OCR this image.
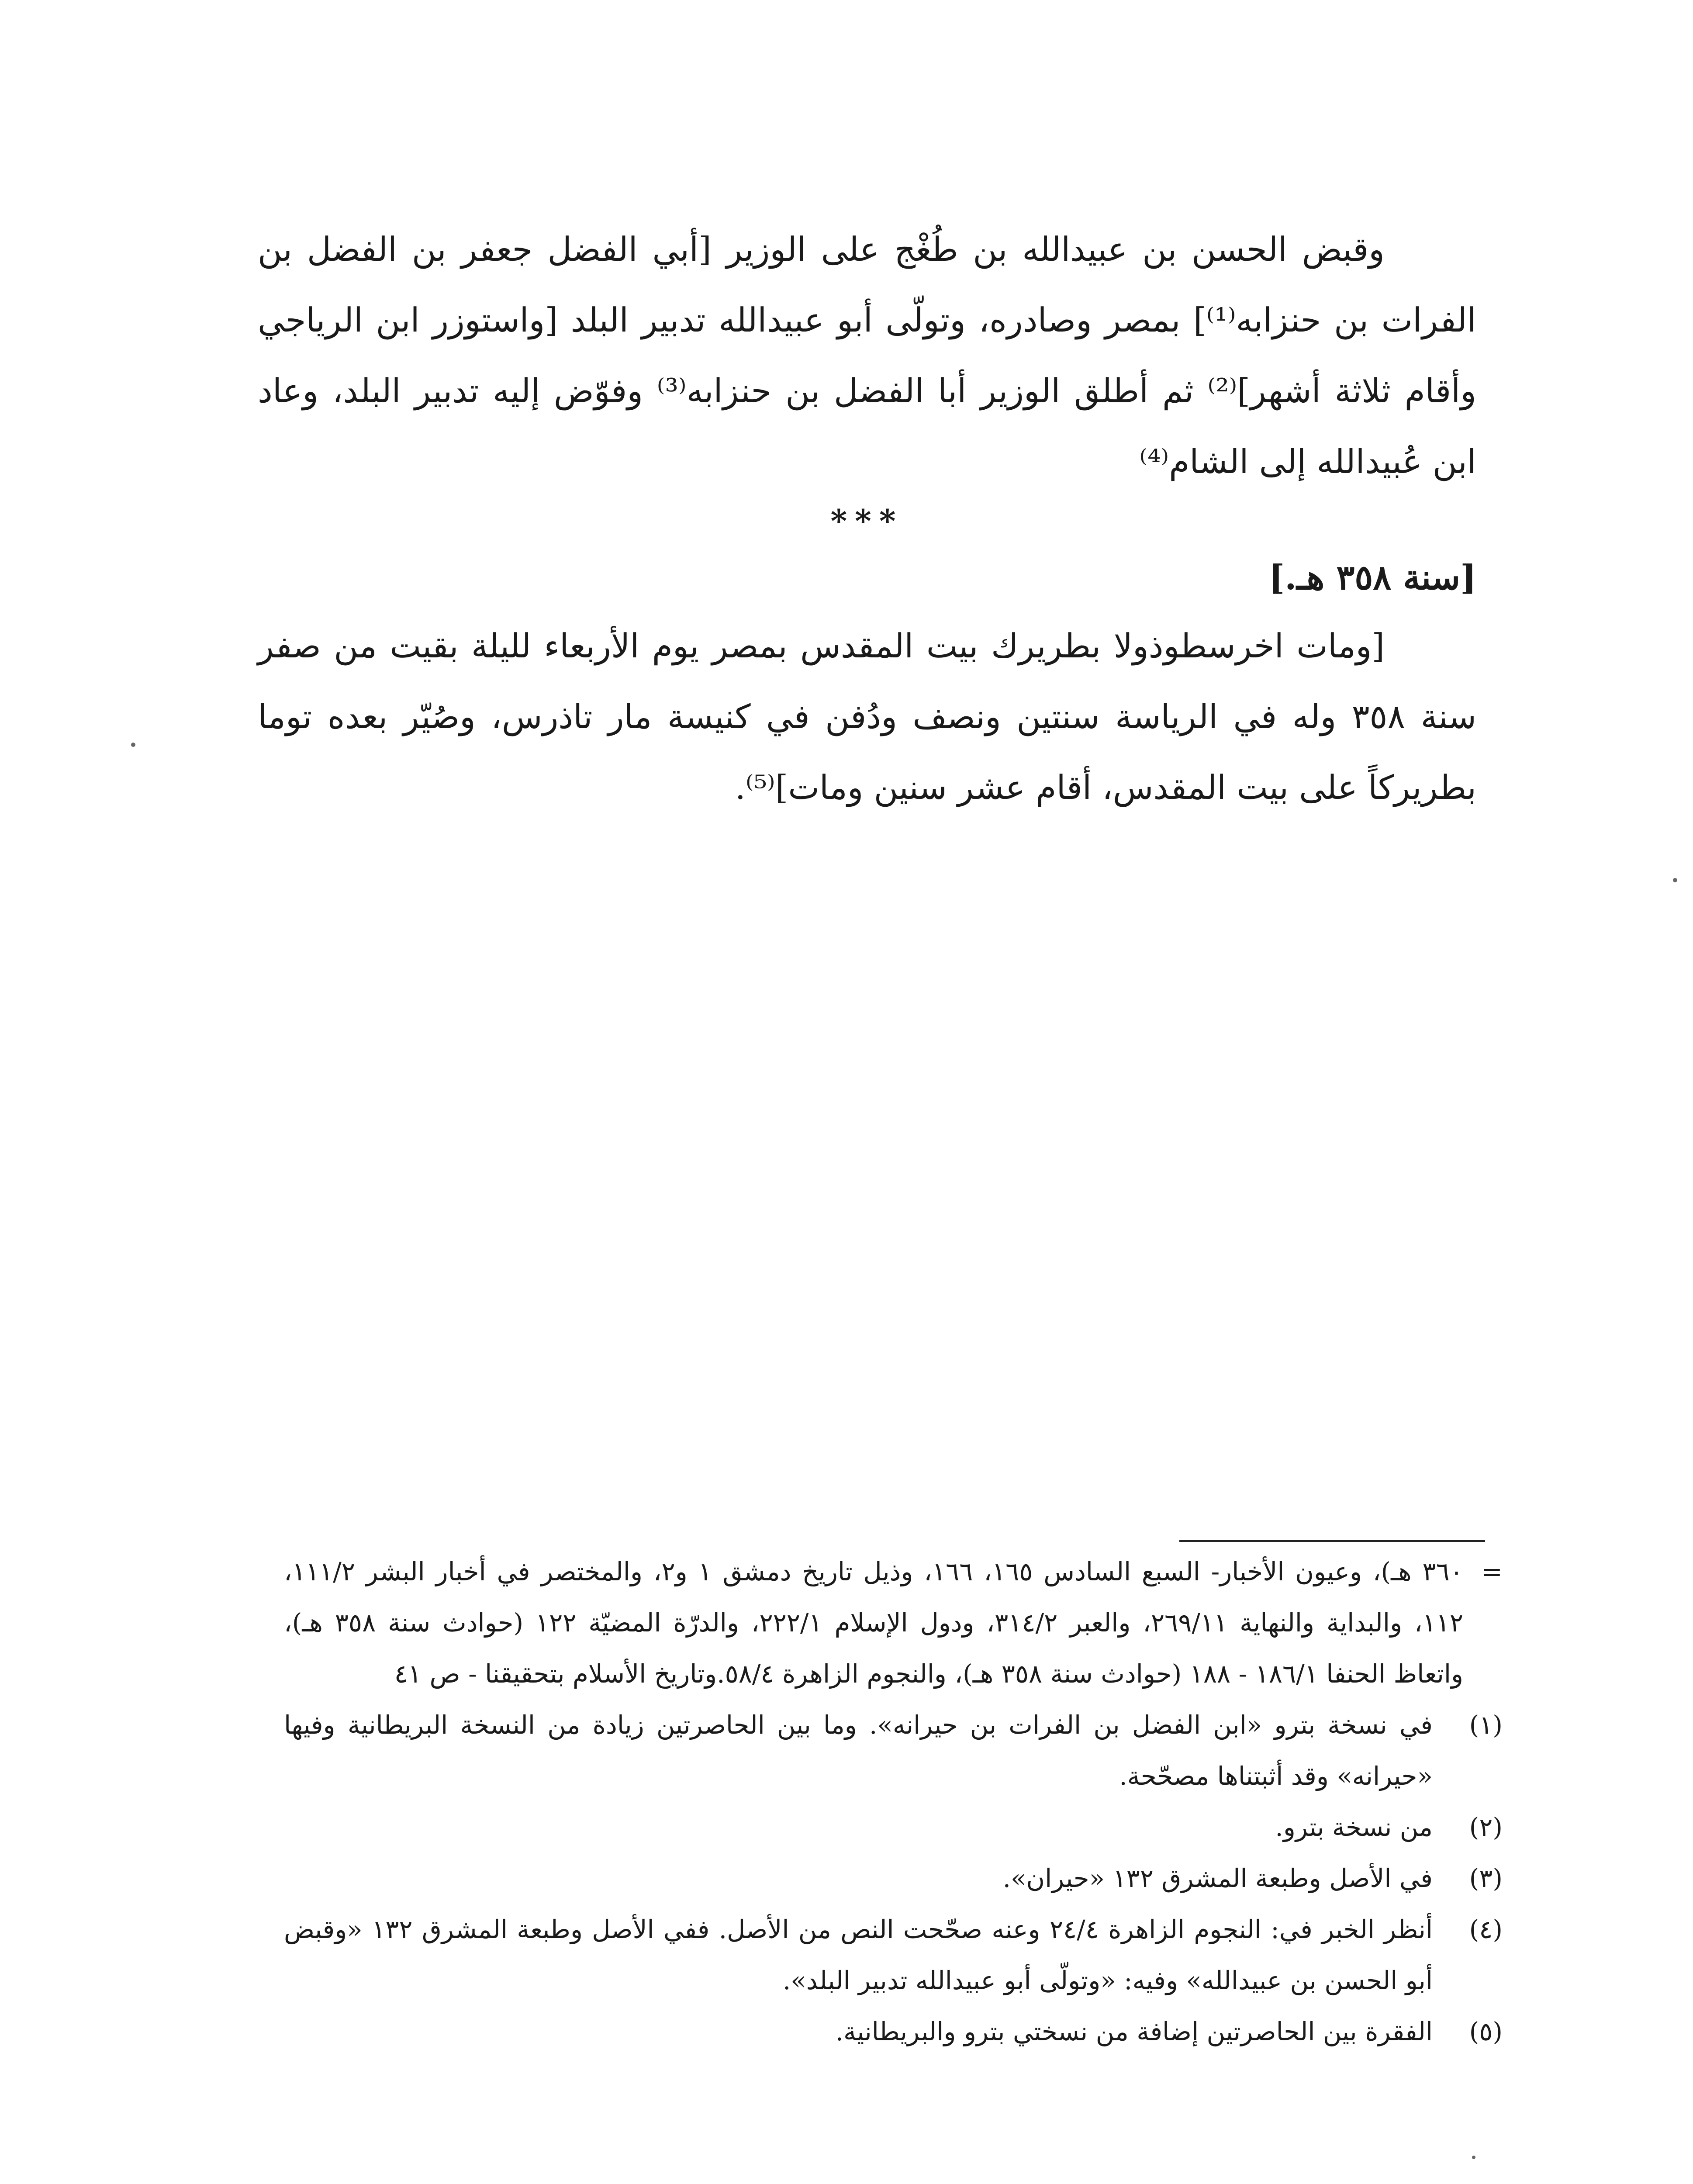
وقبض الحسن بن عبيدالله بن طُغْج على الوزير [أبي الفضل جعفر بن الفضل بن الفرات بن حنزابه⁽¹⁾] بمصر وصادره، وتولّى أبو عبيدالله تدبير البلد [واستوزر ابن الرياجي وأقام ثلاثة أشهر]⁽²⁾ ثم أطلق الوزير أبا الفضل بن حنزابه⁽³⁾ وفوّض إليه تدبير البلد، وعاد ابن عُبيدالله إلى الشام⁽⁴⁾

***

[سنة ٣٥٨ هـ.]

[ومات اخرسطوذولا بطريرك بيت المقدس بمصر يوم الأربعاء لليلة بقيت من صفر سنة ٣٥٨ وله في الرياسة سنتين ونصف ودُفن في كنيسة مار تاذرس، وصُيّر بعده توما بطريركاً على بيت المقدس، أقام عشر سنين ومات]⁽⁵⁾.

=
٣٦٠ هـ)، وعيون الأخبار- السبع السادس ١٦٥، ١٦٦، وذيل تاريخ دمشق ١ و٢، والمختصر في أخبار البشر ١١١/٢، ١١٢، والبداية والنهاية ٢٦٩/١١، والعبر ٣١٤/٢، ودول الإسلام ٢٢٢/١، والدرّة المضيّة ١٢٢ (حوادث سنة ٣٥٨ هـ)، واتعاظ الحنفا ١٨٦/١ - ١٨٨ (حوادث سنة ٣٥٨ هـ)، والنجوم الزاهرة ٥٨/٤.وتاريخ الأسلام بتحقيقنا - ص ٤١
(١)
في نسخة بترو «ابن الفضل بن الفرات بن حيرانه». وما بين الحاصرتين زيادة من النسخة البريطانية وفيها «حيرانه» وقد أثبتناها مصحّحة.
(٢)
من نسخة بترو.
(٣)
في الأصل وطبعة المشرق ١٣٢ «حيران».
(٤)
أنظر الخبر في: النجوم الزاهرة ٢٤/٤ وعنه صحّحت النص من الأصل. ففي الأصل وطبعة المشرق ١٣٢ «وقبض أبو الحسن بن عبيدالله» وفيه: «وتولّى أبو عبيدالله تدبير البلد».
(٥)
الفقرة بين الحاصرتين إضافة من نسختي بترو والبريطانية.
